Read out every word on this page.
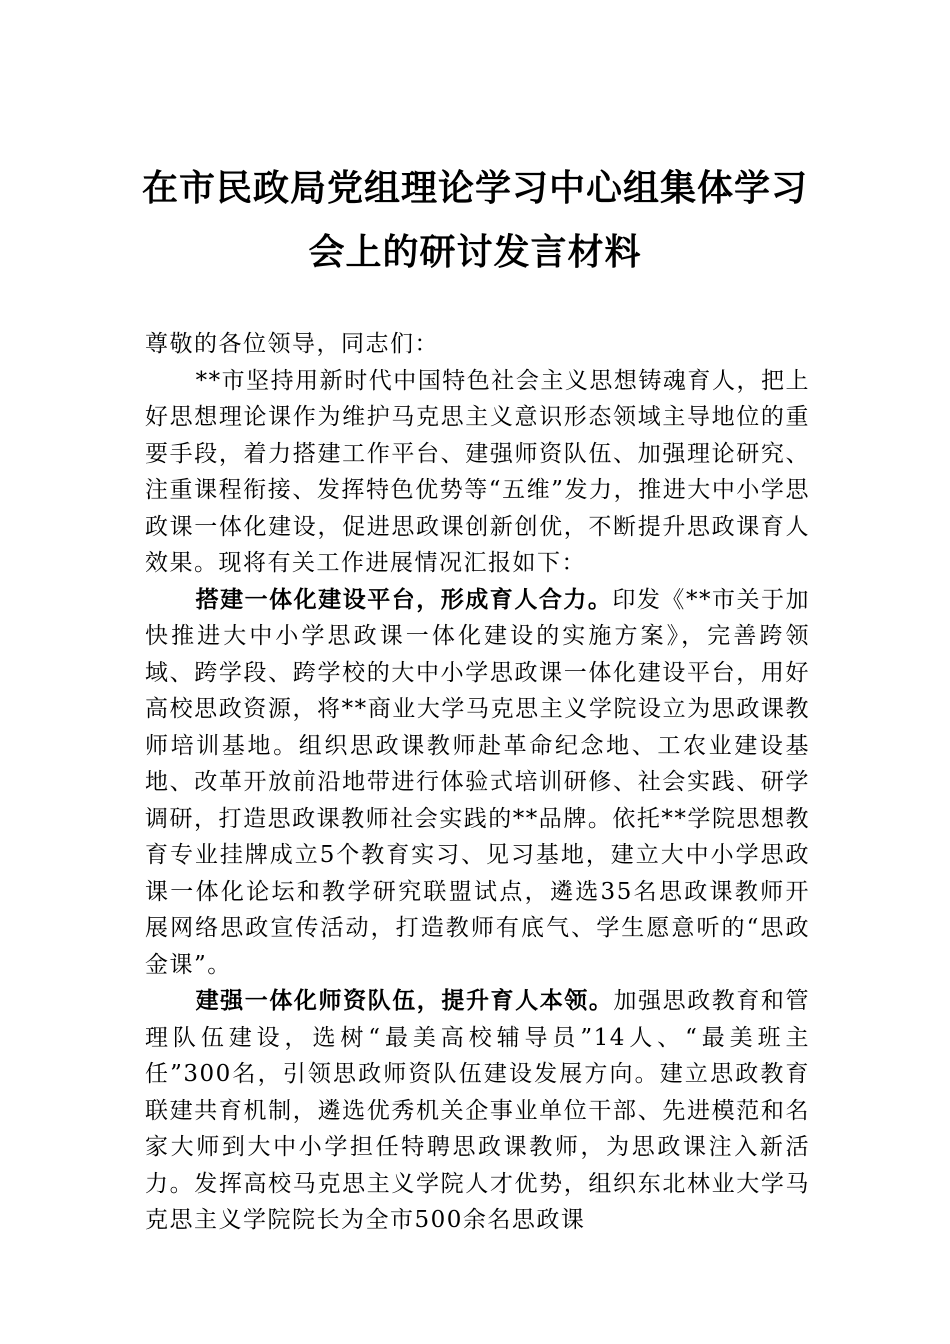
在市民政局党组理论学习中心组集体学习
会上的研讨发言材料

尊敬的各位领导，同志们：

**市坚持用新时代中国特色社会主义思想铸魂育人，把上好思想理论课作为维护马克思主义意识形态领域主导地位的重要手段，着力搭建工作平台、建强师资队伍、加强理论研究、注重课程衔接、发挥特色优势等“五维”发力，推进大中小学思政课一体化建设，促进思政课创新创优，不断提升思政课育人效果。现将有关工作进展情况汇报如下：

搭建一体化建设平台，形成育人合力。印发《**市关于加快推进大中小学思政课一体化建设的实施方案》，完善跨领域、跨学段、跨学校的大中小学思政课一体化建设平台，用好高校思政资源，将**商业大学马克思主义学院设立为思政课教师培训基地。组织思政课教师赴革命纪念地、工农业建设基地、改革开放前沿地带进行体验式培训研修、社会实践、研学调研，打造思政课教师社会实践的**品牌。依托**学院思想教育专业挂牌成立5个教育实习、见习基地，建立大中小学思政课一体化论坛和教学研究联盟试点，遴选35名思政课教师开展网络思政宣传活动，打造教师有底气、学生愿意听的“思政金课”。

建强一体化师资队伍，提升育人本领。加强思政教育和管理队伍建设，选树“最美高校辅导员”14人、“最美班主任”300名，引领思政师资队伍建设发展方向。建立思政教育联建共育机制，遴选优秀机关企事业单位干部、先进模范和名家大师到大中小学担任特聘思政课教师，为思政课注入新活力。发挥高校马克思主义学院人才优势，组织东北林业大学马克思主义学院院长为全市500余名思政课
